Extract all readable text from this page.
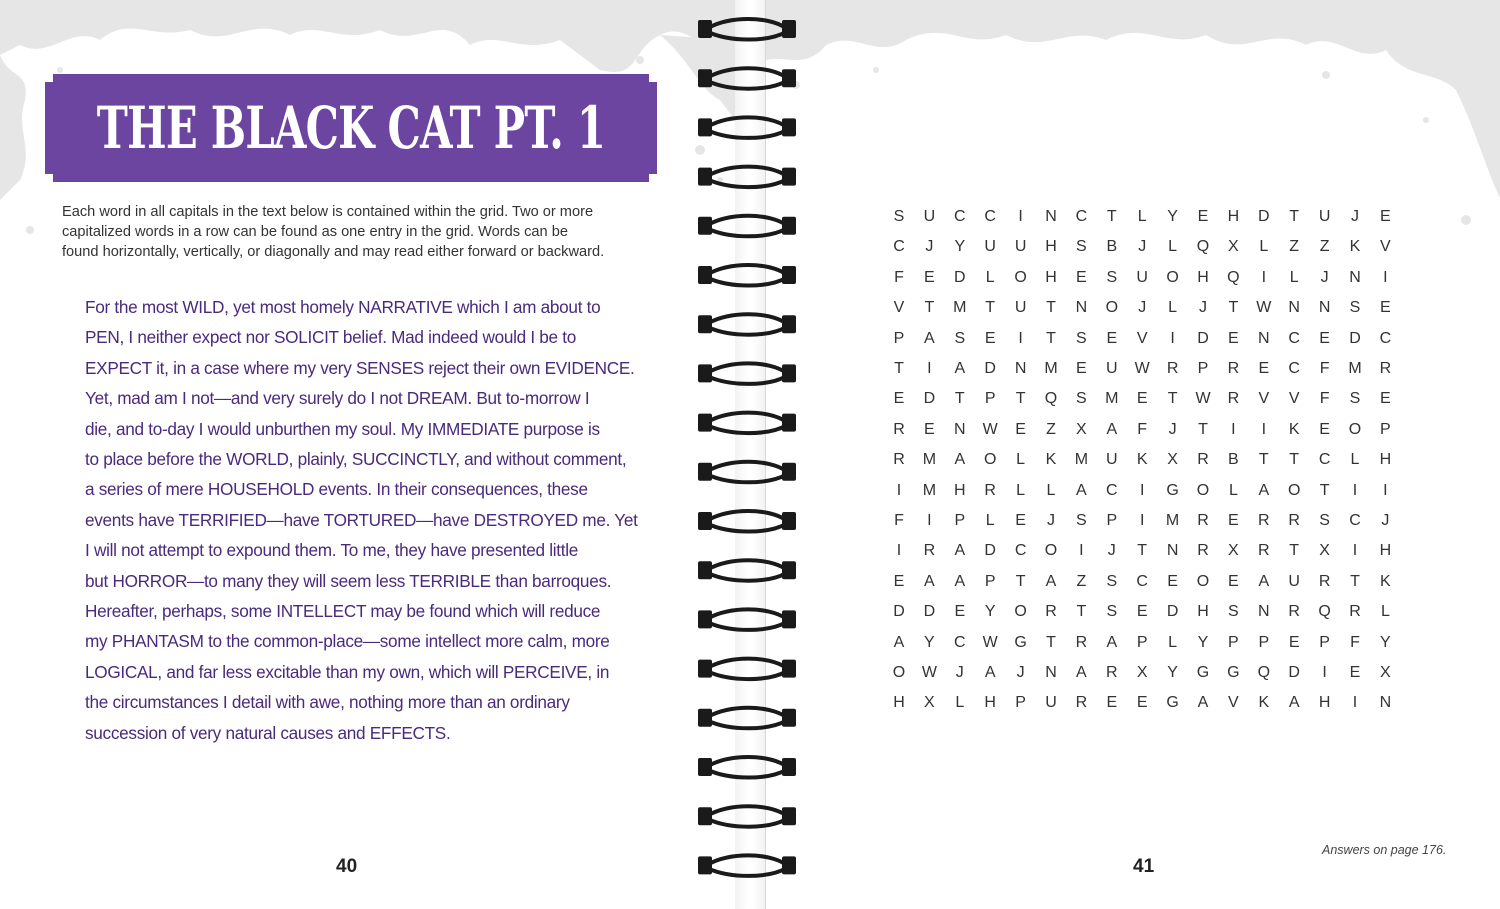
THE BLACK CAT PT. 1
Each word in all capitals in the text below is contained within the grid. Two or more
capitalized words in a row can be found as one entry in the grid. Words can be
found horizontally, vertically, or diagonally and may read either forward or backward.
For the most WILD, yet most homely NARRATIVE which I am about to
PEN, I neither expect nor SOLICIT belief. Mad indeed would I be to
EXPECT it, in a case where my very SENSES reject their own EVIDENCE.
Yet, mad am I not—and very surely do I not DREAM. But to-morrow I
die, and to-day I would unburthen my soul. My IMMEDIATE purpose is
to place before the WORLD, plainly, SUCCINCTLY, and without comment,
a series of mere HOUSEHOLD events. In their consequences, these
events have TERRIFIED—have TORTURED—have DESTROYED me. Yet
I will not attempt to expound them. To me, they have presented little
but HORROR—to many they will seem less TERRIBLE than barroques.
Hereafter, perhaps, some INTELLECT may be found which will reduce
my PHANTASM to the common-place—some intellect more calm, more
LOGICAL, and far less excitable than my own, which will PERCEIVE, in
the circumstances I detail with awe, nothing more than an ordinary
succession of very natural causes and EFFECTS.
40
S	U	C	C	I	N	C	T	L	Y	E	H	D	T	U	J	E
C	J	Y	U	U	H	S	B	J	L	Q	X	L	Z	Z	K	V
F	E	D	L	O	H	E	S	U	O	H	Q	I	L	J	N	I
V	T	M	T	U	T	N	O	J	L	J	T	W	N	N	S	E
P	A	S	E	I	T	S	E	V	I	D	E	N	C	E	D	C
T	I	A	D	N	M	E	U	W	R	P	R	E	C	F	M	R
E	D	T	P	T	Q	S	M	E	T	W	R	V	V	F	S	E
R	E	N	W	E	Z	X	A	F	J	T	I	I	K	E	O	P
R	M	A	O	L	K	M	U	K	X	R	B	T	T	C	L	H
I	M	H	R	L	L	A	C	I	G	O	L	A	O	T	I	I
F	I	P	L	E	J	S	P	I	M	R	E	R	R	S	C	J
I	R	A	D	C	O	I	J	T	N	R	X	R	T	X	I	H
E	A	A	P	T	A	Z	S	C	E	O	E	A	U	R	T	K
D	D	E	Y	O	R	T	S	E	D	H	S	N	R	Q	R	L
A	Y	C	W	G	T	R	A	P	L	Y	P	P	E	P	F	Y
O	W	J	A	J	N	A	R	X	Y	G	G	Q	D	I	E	X
H	X	L	H	P	U	R	E	E	G	A	V	K	A	H	I	N
Answers on page 176.
41
